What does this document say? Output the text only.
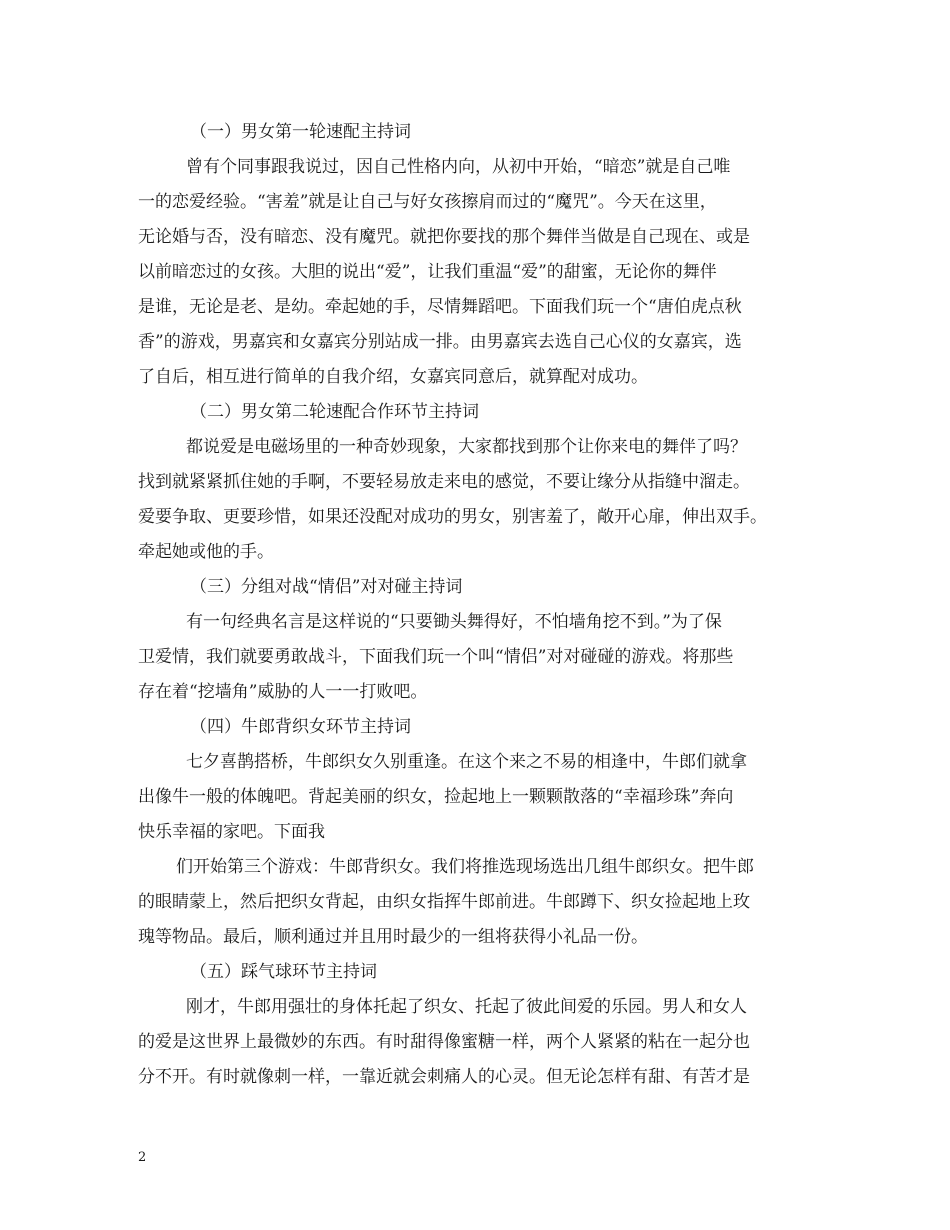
（一）男女第一轮速配主持词
曾有个同事跟我说过，因自己性格内向，从初中开始，“暗恋”就是自己唯
一的恋爱经验。“害羞”就是让自己与好女孩擦肩而过的“魔咒”。今天在这里，
无论婚与否，没有暗恋、没有魔咒。就把你要找的那个舞伴当做是自己现在、或是
以前暗恋过的女孩。大胆的说出“爱”，让我们重温“爱”的甜蜜，无论你的舞伴
是谁，无论是老、是幼。牵起她的手，尽情舞蹈吧。下面我们玩一个“唐伯虎点秋
香”的游戏，男嘉宾和女嘉宾分别站成一排。由男嘉宾去选自己心仪的女嘉宾，选
了自后，相互进行简单的自我介绍，女嘉宾同意后，就算配对成功。
（二）男女第二轮速配合作环节主持词
都说爱是电磁场里的一种奇妙现象，大家都找到那个让你来电的舞伴了吗？
找到就紧紧抓住她的手啊，不要轻易放走来电的感觉，不要让缘分从指缝中溜走。
爱要争取、更要珍惜，如果还没配对成功的男女，别害羞了，敞开心扉，伸出双手。
牵起她或他的手。
（三）分组对战“情侣”对对碰主持词
有一句经典名言是这样说的“只要锄头舞得好，不怕墙角挖不到。”为了保
卫爱情，我们就要勇敢战斗，下面我们玩一个叫“情侣”对对碰碰的游戏。将那些
存在着“挖墙角”威胁的人一一打败吧。
（四）牛郎背织女环节主持词
七夕喜鹊搭桥，牛郎织女久别重逢。在这个来之不易的相逢中，牛郎们就拿
出像牛一般的体魄吧。背起美丽的织女，捡起地上一颗颗散落的“幸福珍珠”奔向
快乐幸福的家吧。下面我
们开始第三个游戏：牛郎背织女。我们将推选现场选出几组牛郎织女。把牛郎
的眼睛蒙上，然后把织女背起，由织女指挥牛郎前进。牛郎蹲下、织女捡起地上玫
瑰等物品。最后，顺利通过并且用时最少的一组将获得小礼品一份。
（五）踩气球环节主持词
刚才，牛郎用强壮的身体托起了织女、托起了彼此间爱的乐园。男人和女人
的爱是这世界上最微妙的东西。有时甜得像蜜糖一样，两个人紧紧的粘在一起分也
分不开。有时就像刺一样，一靠近就会刺痛人的心灵。但无论怎样有甜、有苦才是
2
